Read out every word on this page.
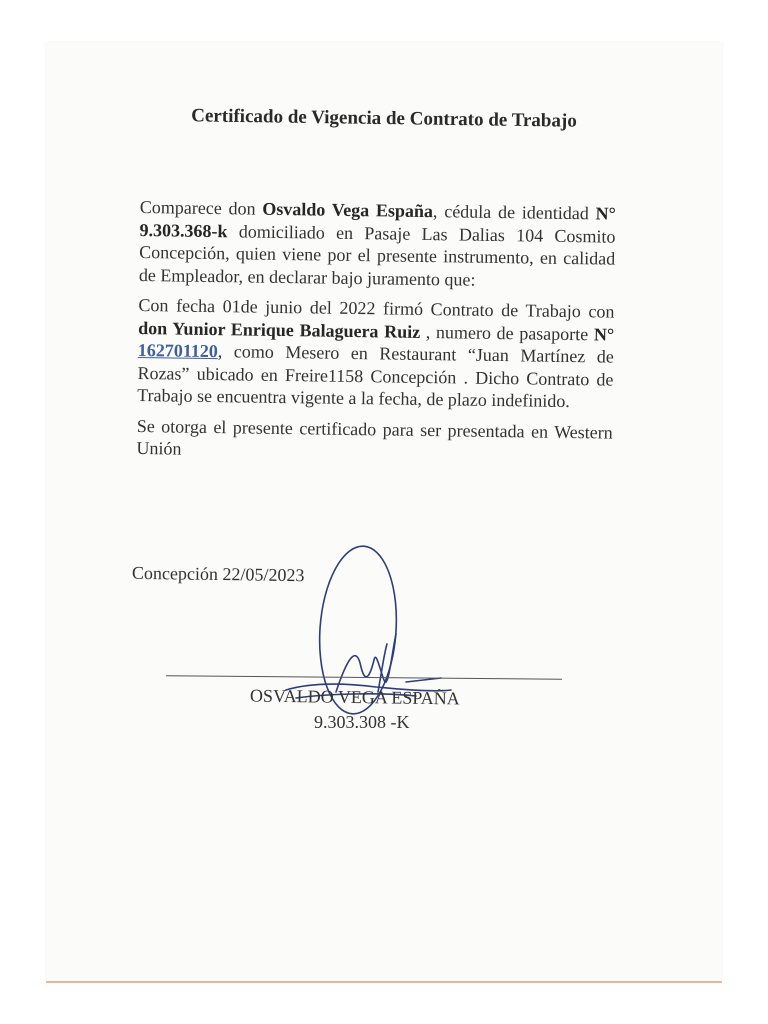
Certificado de Vigencia de Contrato de Trabajo

Comparece don Osvaldo Vega España, cédula de identidad N° 9.303.368-k domiciliado en Pasaje Las Dalias 104 Cosmito Concepción, quien viene por el presente instrumento, en calidad de Empleador, en declarar bajo juramento que:

Con fecha 01de junio del 2022 firmó Contrato de Trabajo con don Yunior Enrique Balaguera Ruiz , numero de pasaporte N° 162701120, como Mesero en Restaurant “Juan Martínez de Rozas” ubicado en Freire1158 Concepción . Dicho Contrato de Trabajo se encuentra vigente a la fecha, de plazo indefinido.

Se otorga el presente certificado para ser presentada en Western Unión

Concepción 22/05/2023
OSVALDO VEGA ESPAÑA
9.303.308 -K
